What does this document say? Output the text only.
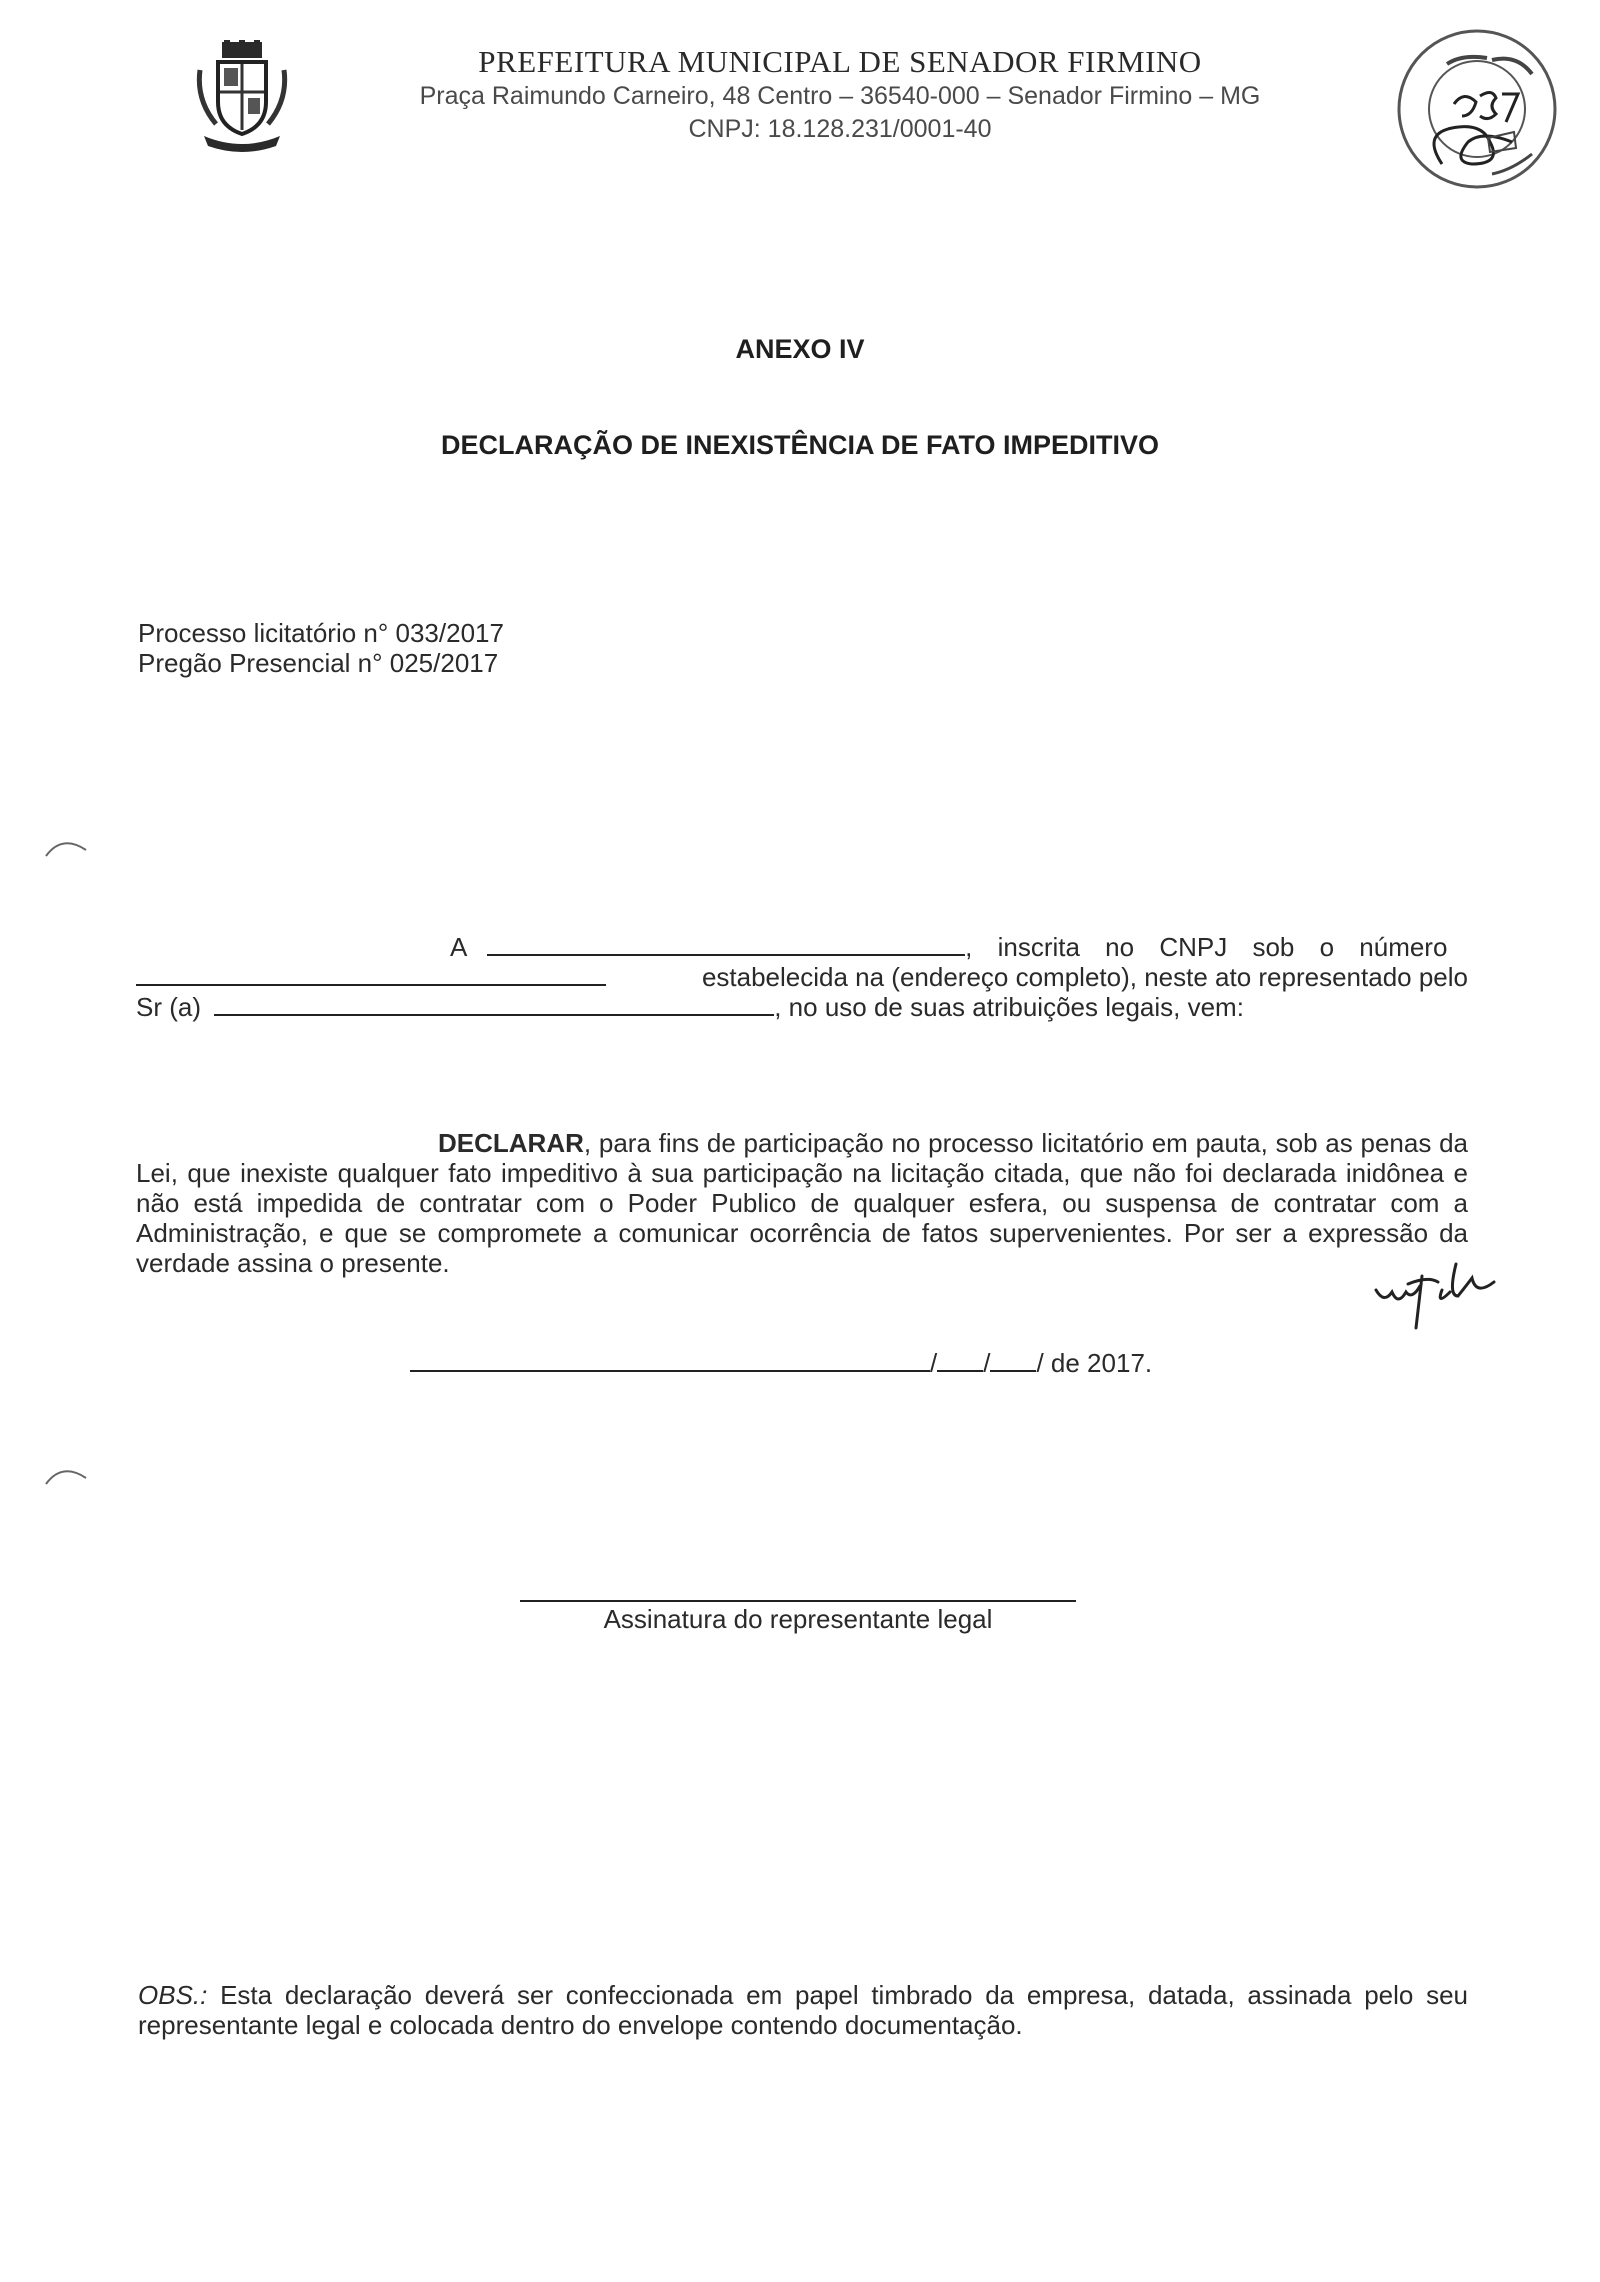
PREFEITURA MUNICIPAL DE SENADOR FIRMINO
Praça Raimundo Carneiro, 48 Centro – 36540-000 – Senador Firmino – MG
CNPJ: 18.128.231/0001-40
ANEXO IV
DECLARAÇÃO DE INEXISTÊNCIA DE FATO IMPEDITIVO
Processo licitatório n° 033/2017
Pregão Presencial n° 025/2017
A	, inscrita no CNPJ sob o número
estabelecida na (endereço completo), neste ato representado pelo
Sr (a)	, no uso de suas atribuições legais, vem:
DECLARAR, para fins de participação no processo licitatório em pauta, sob as penas da Lei, que inexiste qualquer fato impeditivo à sua participação na licitação citada, que não foi declarada inidônea e não está impedida de contratar com o Poder Publico de qualquer esfera, ou suspensa de contratar com a Administração, e que se compromete a comunicar ocorrência de fatos supervenientes. Por ser a expressão da verdade assina o presente.
/ / / de 2017.
Assinatura do representante legal
OBS.: Esta declaração deverá ser confeccionada em papel timbrado da empresa, datada, assinada pelo seu representante legal e colocada dentro do envelope contendo documentação.
